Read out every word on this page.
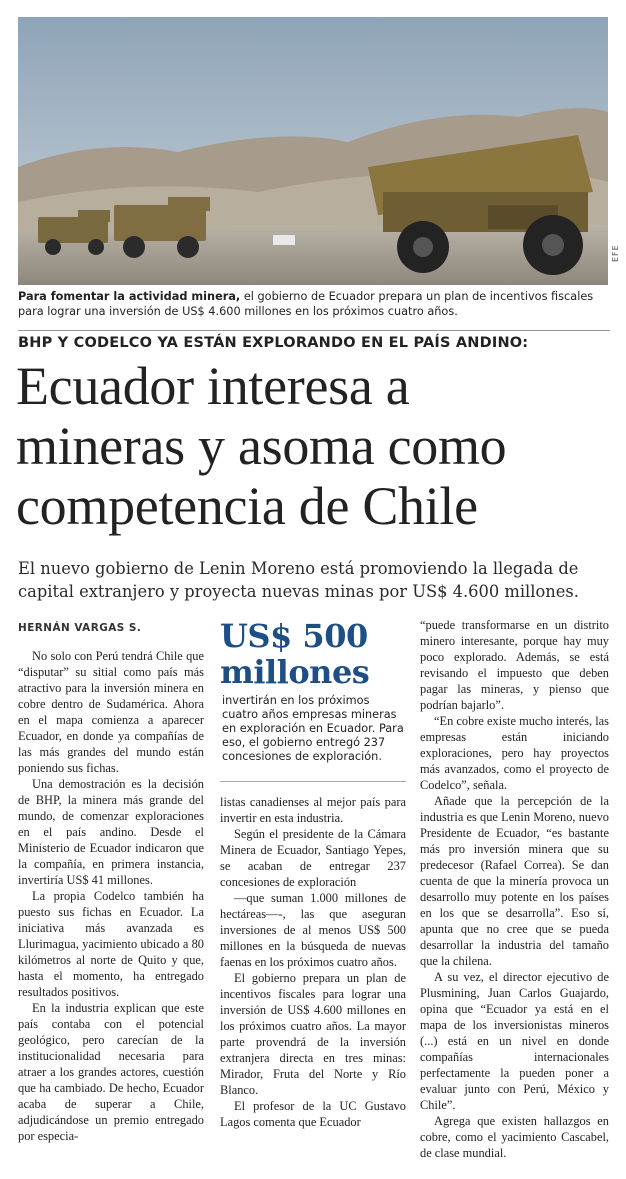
EFE
Para fomentar la actividad minera, el gobierno de Ecuador prepara un plan de incentivos fiscales para lograr una inversión de US$ 4.600 millones en los próximos cuatro años.
BHP Y CODELCO YA ESTÁN EXPLORANDO EN EL PAÍS ANDINO:
Ecuador interesa a
mineras y asoma como
competencia de Chile
El nuevo gobierno de Lenin Moreno está promoviendo la llegada de
capital extranjero y proyecta nuevas minas por US$ 4.600 millones.
HERNÁN VARGAS S.

No solo con Perú tendrá Chile que “disputar” su sitial como país más atractivo para la inversión minera en cobre dentro de Sudamérica. Ahora en el mapa comienza a aparecer Ecuador, en donde ya compañías de las más grandes del mundo están poniendo sus fichas.

Una demostración es la decisión de BHP, la minera más grande del mundo, de comenzar exploraciones en el país andino. Desde el Ministerio de Ecuador indicaron que la compañía, en primera instancia, invertiría US$ 41 millones.

La propia Codelco también ha puesto sus fichas en Ecuador. La iniciativa más avanzada es Llurimagua, yacimiento ubicado a 80 kilómetros al norte de Quito y que, hasta el momento, ha entregado resultados positivos.

En la industria explican que este país contaba con el potencial geológico, pero carecían de la institucionalidad necesaria para atraer a los grandes actores, cuestión que ha cambiado. De hecho, Ecuador acaba de superar a Chile, adjudicándose un premio entregado por especia-

US$ 500
millones
invertirán en los próximos
cuatro años empresas mineras
en exploración en Ecuador. Para
eso, el gobierno entregó 237
concesiones de exploración.

listas canadienses al mejor país para invertir en esta industria.

Según el presidente de la Cámara Minera de Ecuador, Santiago Yepes, se acaban de entregar 237 concesiones de exploración

—que suman 1.000 millones de hectáreas—-, las que aseguran inversiones de al menos US$ 500 millones en la búsqueda de nuevas faenas en los próximos cuatro años.

El gobierno prepara un plan de incentivos fiscales para lograr una inversión de US$ 4.600 millones en los próximos cuatro años. La mayor parte provendrá de la inversión extranjera directa en tres minas: Mirador, Fruta del Norte y Río Blanco.

El profesor de la UC Gustavo Lagos comenta que Ecuador

“puede transformarse en un distrito minero interesante, porque hay muy poco explorado. Además, se está revisando el impuesto que deben pagar las mineras, y pienso que podrían bajarlo”.

“En cobre existe mucho interés, las empresas están iniciando exploraciones, pero hay proyectos más avanzados, como el proyecto de Codelco”, señala.

Añade que la percepción de la industria es que Lenin Moreno, nuevo Presidente de Ecuador, “es bastante más pro inversión minera que su predecesor (Rafael Correa). Se dan cuenta de que la minería provoca un desarrollo muy potente en los países en los que se desarrolla”. Eso sí, apunta que no cree que se pueda desarrollar la industria del tamaño que la chilena.

A su vez, el director ejecutivo de Plusmining, Juan Carlos Guajardo, opina que “Ecuador ya está en el mapa de los inversionistas mineros (...) está en un nivel en donde compañías internacionales perfectamente la pueden poner a evaluar junto con Perú, México y Chile”.

Agrega que existen hallazgos en cobre, como el yacimiento Cascabel, de clase mundial.
